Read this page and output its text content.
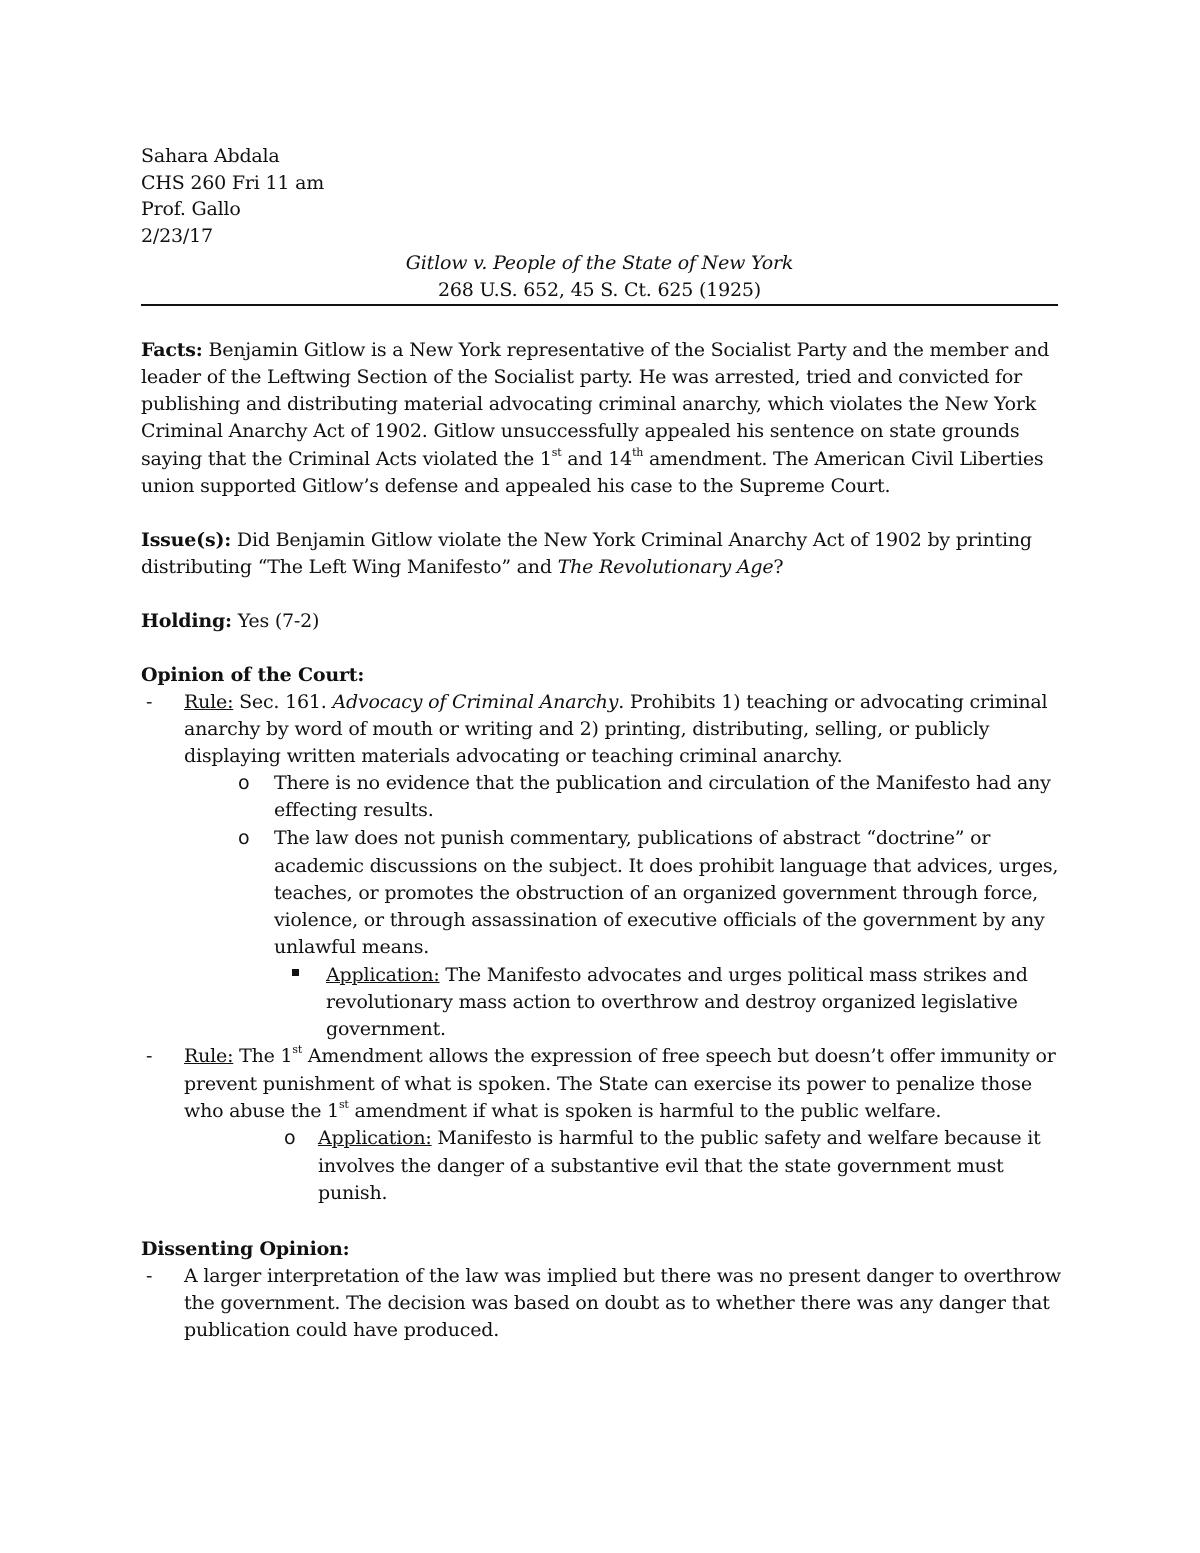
Sahara Abdala
CHS 260 Fri 11 am
Prof. Gallo
2/23/17
Gitlow v. People of the State of New York
268 U.S. 652, 45 S. Ct. 625 (1925)
Facts: Benjamin Gitlow is a New York representative of the Socialist Party and the member and
leader of the Leftwing Section of the Socialist party. He was arrested, tried and convicted for
publishing and distributing material advocating criminal anarchy, which violates the New York
Criminal Anarchy Act of 1902. Gitlow unsuccessfully appealed his sentence on state grounds
saying that the Criminal Acts violated the 1st and 14th amendment. The American Civil Liberties
union supported Gitlow’s defense and appealed his case to the Supreme Court.
Issue(s): Did Benjamin Gitlow violate the New York Criminal Anarchy Act of 1902 by printing
distributing “The Left Wing Manifesto” and The Revolutionary Age?
Holding: Yes (7-2)
Opinion of the Court:
- Rule: Sec. 161. Advocacy of Criminal Anarchy. Prohibits 1) teaching or advocating criminal
anarchy by word of mouth or writing and 2) printing, distributing, selling, or publicly
displaying written materials advocating or teaching criminal anarchy.
o There is no evidence that the publication and circulation of the Manifesto had any
effecting results.
o The law does not punish commentary, publications of abstract “doctrine” or
academic discussions on the subject. It does prohibit language that advices, urges,
teaches, or promotes the obstruction of an organized government through force,
violence, or through assassination of executive officials of the government by any
unlawful means.
Application: The Manifesto advocates and urges political mass strikes and
revolutionary mass action to overthrow and destroy organized legislative
government.
- Rule: The 1st Amendment allows the expression of free speech but doesn’t offer immunity or
prevent punishment of what is spoken. The State can exercise its power to penalize those
who abuse the 1st amendment if what is spoken is harmful to the public welfare.
o Application: Manifesto is harmful to the public safety and welfare because it
involves the danger of a substantive evil that the state government must
punish.
Dissenting Opinion:
- A larger interpretation of the law was implied but there was no present danger to overthrow
the government. The decision was based on doubt as to whether there was any danger that
publication could have produced.
